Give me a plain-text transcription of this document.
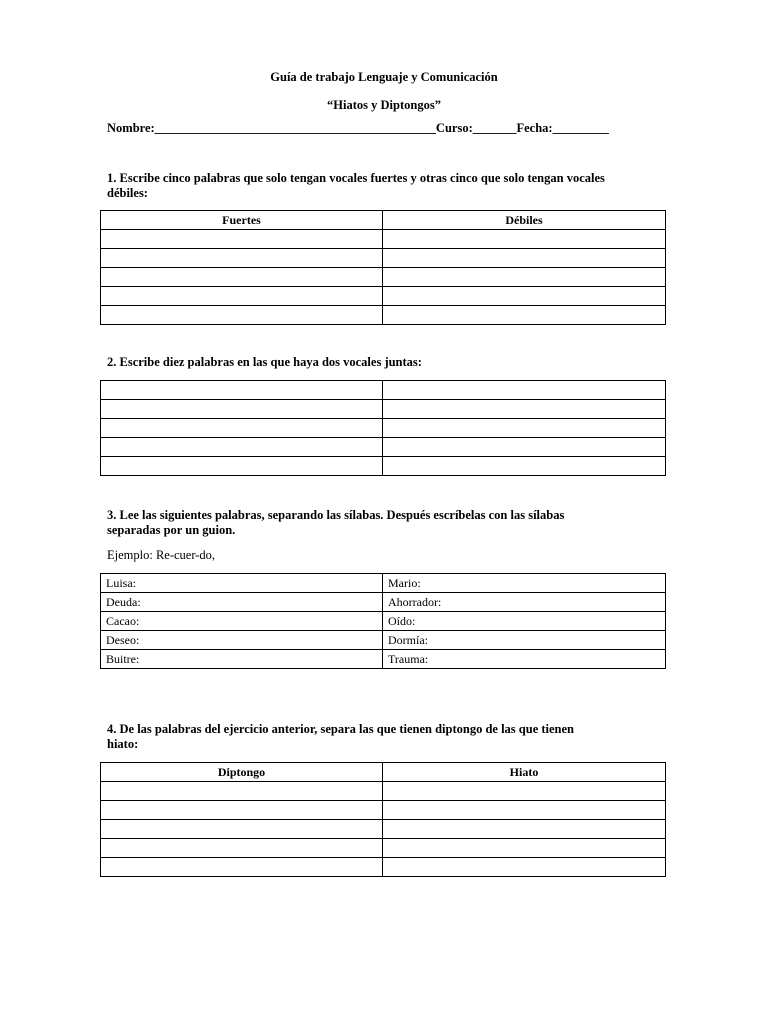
Guía de trabajo Lenguaje y Comunicación
“Hiatos y Diptongos”
Nombre:_____________________________________________Curso:_______Fecha:_________
1. Escribe cinco palabras que solo tengan vocales fuertes y otras cinco que solo tengan vocales
débiles:
Fuertes	Débiles

2. Escribe diez palabras en las que haya dos vocales juntas:

3. Lee las siguientes palabras, separando las sílabas. Después escríbelas con las sílabas
separadas por un guion.
Ejemplo: Re-cuer-do,
Luisa:	Mario:
Deuda:	Ahorrador:
Cacao:	Oído:
Deseo:	Dormía:
Buitre:	Trauma:
4. De las palabras del ejercicio anterior, separa las que tienen diptongo de las que tienen
hiato:
Diptongo	Hiato
